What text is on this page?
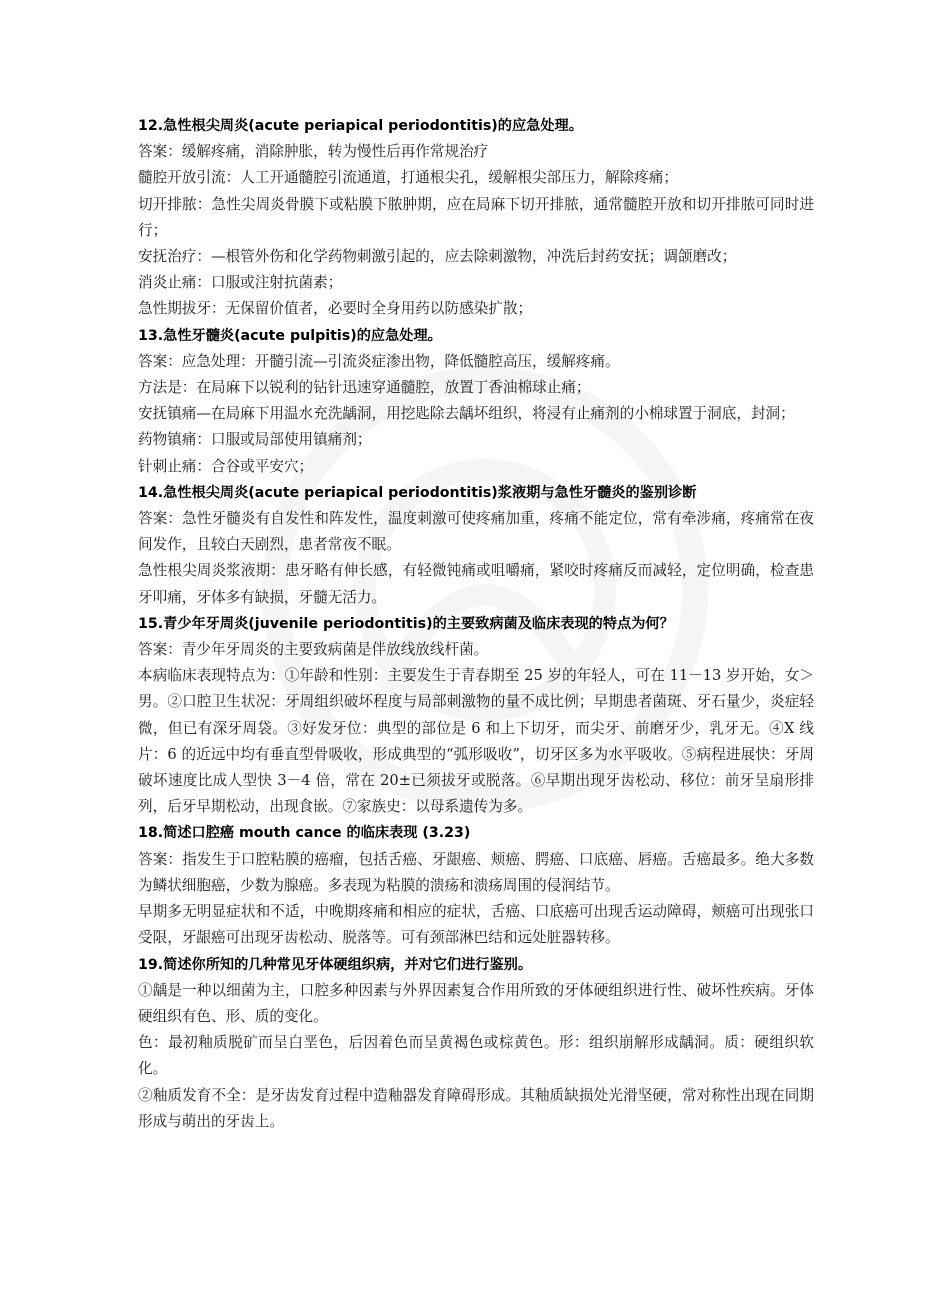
12.急性根尖周炎(acute periapical periodontitis)的应急处理。

答案：缓解疼痛，消除肿胀，转为慢性后再作常规治疗

髓腔开放引流：人工开通髓腔引流通道，打通根尖孔，缓解根尖部压力，解除疼痛；

切开排脓：急性尖周炎骨膜下或粘膜下脓肿期，应在局麻下切开排脓，通常髓腔开放和切开排脓可同时进行；

安抚治疗：—根管外伤和化学药物刺激引起的，应去除刺激物，冲洗后封药安抚；调颌磨改；

消炎止痛：口服或注射抗菌素；

急性期拔牙：无保留价值者，必要时全身用药以防感染扩散；

13.急性牙髓炎(acute pulpitis)的应急处理。

答案：应急处理：开髓引流—引流炎症渗出物，降低髓腔高压，缓解疼痛。

方法是：在局麻下以锐利的钻针迅速穿通髓腔，放置丁香油棉球止痛；

安抚镇痛—在局麻下用温水充洗龋洞，用挖匙除去龋坏组织，将浸有止痛剂的小棉球置于洞底，封洞；

药物镇痛：口服或局部使用镇痛剂；

针刺止痛：合谷或平安穴；

14.急性根尖周炎(acute periapical periodontitis)浆液期与急性牙髓炎的鉴别诊断

答案：急性牙髓炎有自发性和阵发性，温度刺激可使疼痛加重，疼痛不能定位，常有牵涉痛，疼痛常在夜间发作，且较白天剧烈，患者常夜不眠。

急性根尖周炎浆液期：患牙略有伸长感，有轻微钝痛或咀嚼痛，紧咬时疼痛反而减轻，定位明确，检查患牙叩痛，牙体多有缺损，牙髓无活力。

15.青少年牙周炎(juvenile periodontitis)的主要致病菌及临床表现的特点为何？

答案：青少年牙周炎的主要致病菌是伴放线放线杆菌。

本病临床表现特点为：①年龄和性别：主要发生于青春期至 25 岁的年轻人，可在 11－13 岁开始，女＞男。②口腔卫生状况：牙周组织破坏程度与局部刺激物的量不成比例；早期患者菌斑、牙石量少，炎症轻微，但已有深牙周袋。③好发牙位：典型的部位是 6 和上下切牙，而尖牙、前磨牙少，乳牙无。④X 线片：6 的近远中均有垂直型骨吸收，形成典型的“弧形吸收”，切牙区多为水平吸收。⑤病程进展快：牙周破坏速度比成人型快 3－4 倍，常在 20±已须拔牙或脱落。⑥早期出现牙齿松动、移位：前牙呈扇形排列，后牙早期松动，出现食嵌。⑦家族史：以母系遗传为多。

18.简述口腔癌 mouth cance 的临床表现 (3.23)

答案：指发生于口腔粘膜的癌瘤，包括舌癌、牙龈癌、颊癌、腭癌、口底癌、唇癌。舌癌最多。绝大多数为鳞状细胞癌，少数为腺癌。多表现为粘膜的溃疡和溃疡周围的侵润结节。

早期多无明显症状和不适，中晚期疼痛和相应的症状，舌癌、口底癌可出现舌运动障碍，颊癌可出现张口受限，牙龈癌可出现牙齿松动、脱落等。可有颈部淋巴结和远处脏器转移。

19.简述你所知的几种常见牙体硬组织病，并对它们进行鉴别。

①龋是一种以细菌为主，口腔多种因素与外界因素复合作用所致的牙体硬组织进行性、破坏性疾病。牙体硬组织有色、形、质的变化。

色：最初釉质脱矿而呈白垩色，后因着色而呈黄褐色或棕黄色。形：组织崩解形成龋洞。质：硬组织软化。

②釉质发育不全：是牙齿发育过程中造釉器发育障碍形成。其釉质缺损处光滑坚硬，常对称性出现在同期形成与萌出的牙齿上。
